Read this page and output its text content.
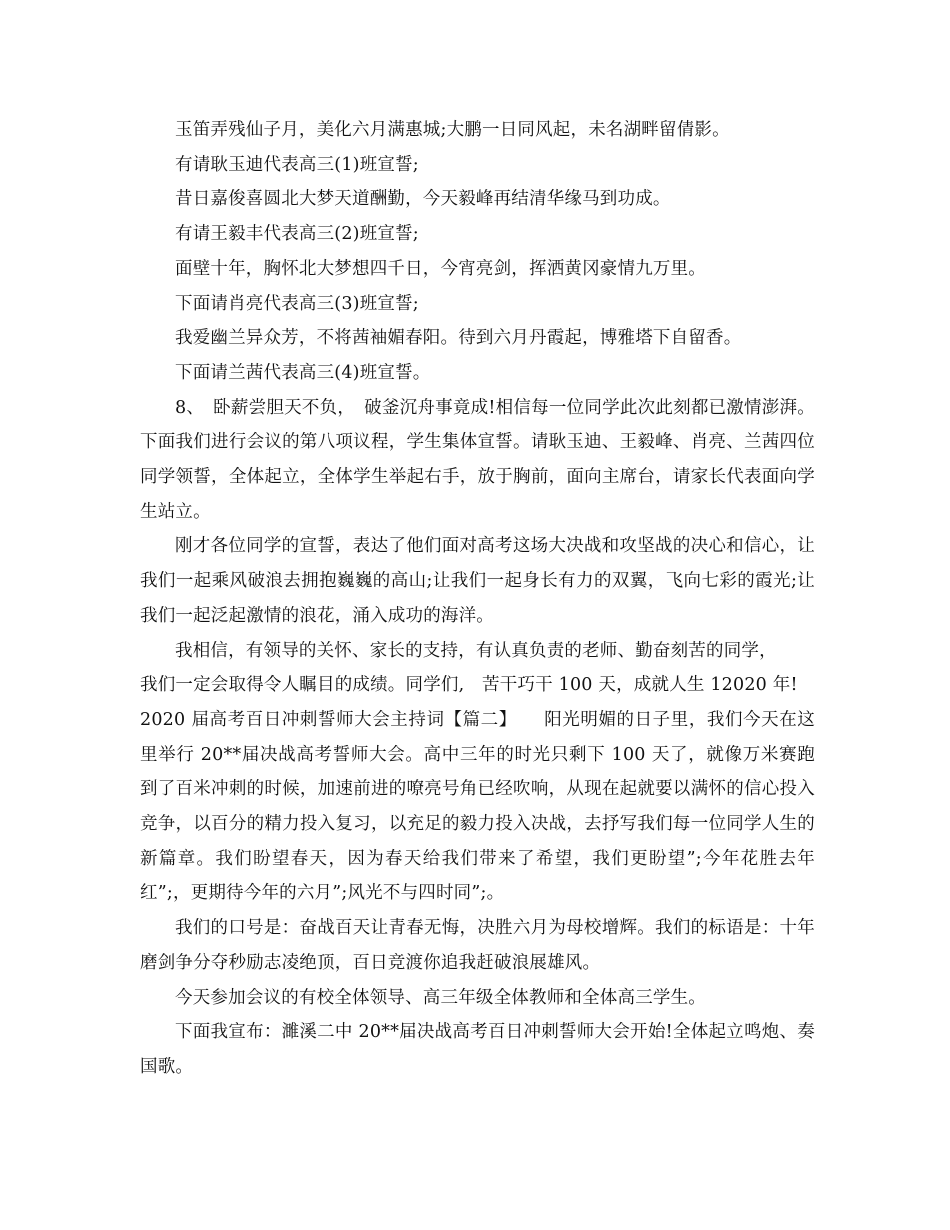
玉笛弄残仙子月，美化六月满惠城;大鹏一日同风起，未名湖畔留倩影。

有请耿玉迪代表高三(1)班宣誓;

昔日嘉俊喜圆北大梦天道酬勤，今天毅峰再结清华缘马到功成。

有请王毅丰代表高三(2)班宣誓;

面壁十年，胸怀北大梦想四千日，今宵亮剑，挥洒黄冈豪情九万里。

下面请肖亮代表高三(3)班宣誓;

我爱幽兰异众芳，不将茜袖媚春阳。待到六月丹霞起，博雅塔下自留香。

下面请兰茜代表高三(4)班宣誓。

8、　卧薪尝胆天不负，　破釜沉舟事竟成!相信每一位同学此次此刻都已激情澎湃。下面我们进行会议的第八项议程，学生集体宣誓。请耿玉迪、王毅峰、肖亮、兰茜四位同学领誓，全体起立，全体学生举起右手，放于胸前，面向主席台，请家长代表面向学生站立。

刚才各位同学的宣誓，表达了他们面对高考这场大决战和攻坚战的决心和信心，让我们一起乘风破浪去拥抱巍巍的高山;让我们一起身长有力的双翼，飞向七彩的霞光;让我们一起泛起激情的浪花，涌入成功的海洋。

我相信，有领导的关怀、家长的支持，有认真负责的老师、勤奋刻苦的同学，

我们一定会取得令人瞩目的成绩。同学们,　苦干巧干 100 天，成就人生 12020 年!

2020 届高考百日冲刺誓师大会主持词【篇二】　　阳光明媚的日子里，我们今天在这里举行 20**届决战高考誓师大会。高中三年的时光只剩下 100 天了，就像万米赛跑到了百米冲刺的时候，加速前进的嘹亮号角已经吹响，从现在起就要以满怀的信心投入竞争，以百分的精力投入复习，以充足的毅力投入决战，去抒写我们每一位同学人生的新篇章。我们盼望春天，因为春天给我们带来了希望，我们更盼望”;今年花胜去年红”;，更期待今年的六月”;风光不与四时同”;。

我们的口号是：奋战百天让青春无悔，决胜六月为母校增辉。我们的标语是：十年磨剑争分夺秒励志凌绝顶，百日竞渡你追我赶破浪展雄风。

今天参加会议的有校全体领导、高三年级全体教师和全体高三学生。

下面我宣布：濉溪二中 20**届决战高考百日冲刺誓师大会开始!全体起立鸣炮、奏国歌。
